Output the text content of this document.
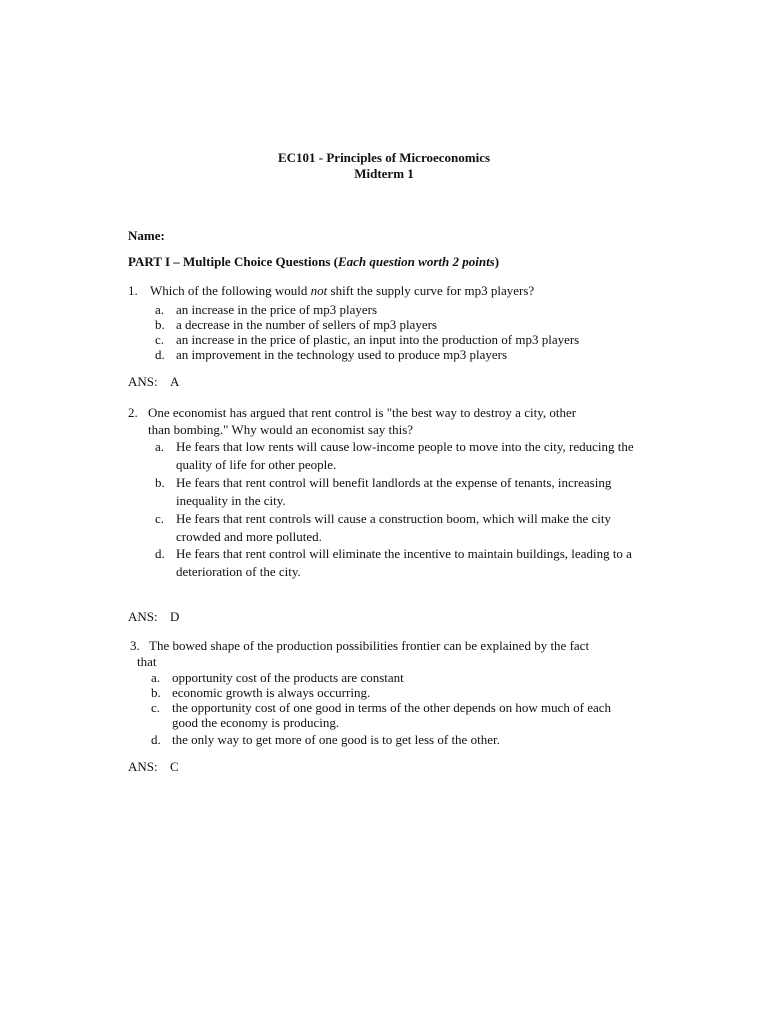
EC101 - Principles of Microeconomics
Midterm 1
Name:
PART I – Multiple Choice Questions (Each question worth 2 points)
1. Which of the following would not shift the supply curve for mp3 players?
a. an increase in the price of mp3 players
b. a decrease in the number of sellers of mp3 players
c. an increase in the price of plastic, an input into the production of mp3 players
d. an improvement in the technology used to produce mp3 players
ANS: A
2. One economist has argued that rent control is "the best way to destroy a city, other
than bombing." Why would an economist say this?
a. He fears that low rents will cause low-income people to move into the city, reducing the quality of life for other people.
b. He fears that rent control will benefit landlords at the expense of tenants, increasing inequality in the city.
c. He fears that rent controls will cause a construction boom, which will make the city crowded and more polluted.
d. He fears that rent control will eliminate the incentive to maintain buildings, leading to a deterioration of the city.
ANS: D
3. The bowed shape of the production possibilities frontier can be explained by the fact
that
a. opportunity cost of the products are constant
b. economic growth is always occurring.
c. the opportunity cost of one good in terms of the other depends on how much of each good the economy is producing.
d. the only way to get more of one good is to get less of the other.
ANS: C
